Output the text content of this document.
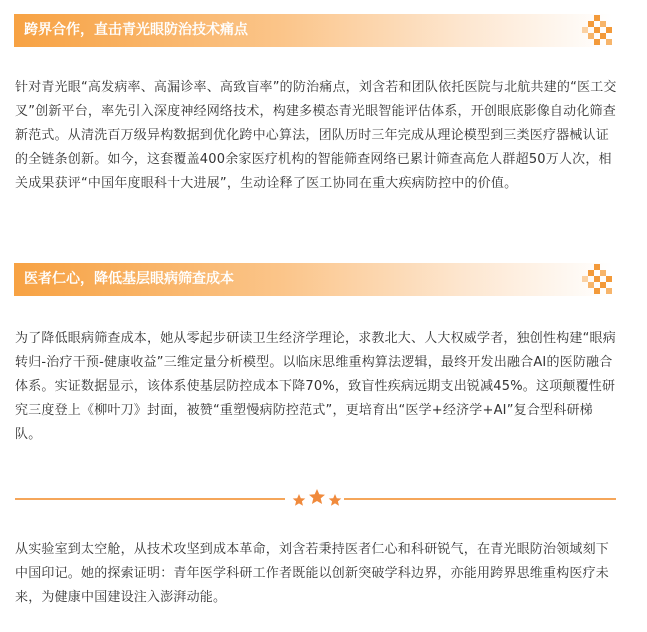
跨界合作，直击青光眼防治技术痛点

针对青光眼“高发病率、高漏诊率、高致盲率”的防治痛点，刘含若和团队依托医院与北航共建的“医工交叉”创新平台，率先引入深度神经网络技术，构建多模态青光眼智能评估体系，开创眼底影像自动化筛查新范式。从清洗百万级异构数据到优化跨中心算法，团队历时三年完成从理论模型到三类医疗器械认证的全链条创新。如今，这套覆盖400余家医疗机构的智能筛查网络已累计筛查高危人群超50万人次，相关成果获评“中国年度眼科十大进展”，生动诠释了医工协同在重大疾病防控中的价值。

医者仁心，降低基层眼病筛查成本

为了降低眼病筛查成本，她从零起步研读卫生经济学理论，求教北大、人大权威学者，独创性构建“眼病转归-治疗干预-健康收益”三维定量分析模型。以临床思维重构算法逻辑，最终开发出融合AI的医防融合体系。实证数据显示，该体系使基层防控成本下降70%，致盲性疾病远期支出锐减45%。这项颠覆性研究三度登上《柳叶刀》封面，被赞“重塑慢病防控范式”，更培育出“医学+经济学+AI”复合型科研梯队。

从实验室到太空舱，从技术攻坚到成本革命，刘含若秉持医者仁心和科研锐气，在青光眼防治领域刻下中国印记。她的探索证明：青年医学科研工作者既能以创新突破学科边界，亦能用跨界思维重构医疗未来，为健康中国建设注入澎湃动能。
